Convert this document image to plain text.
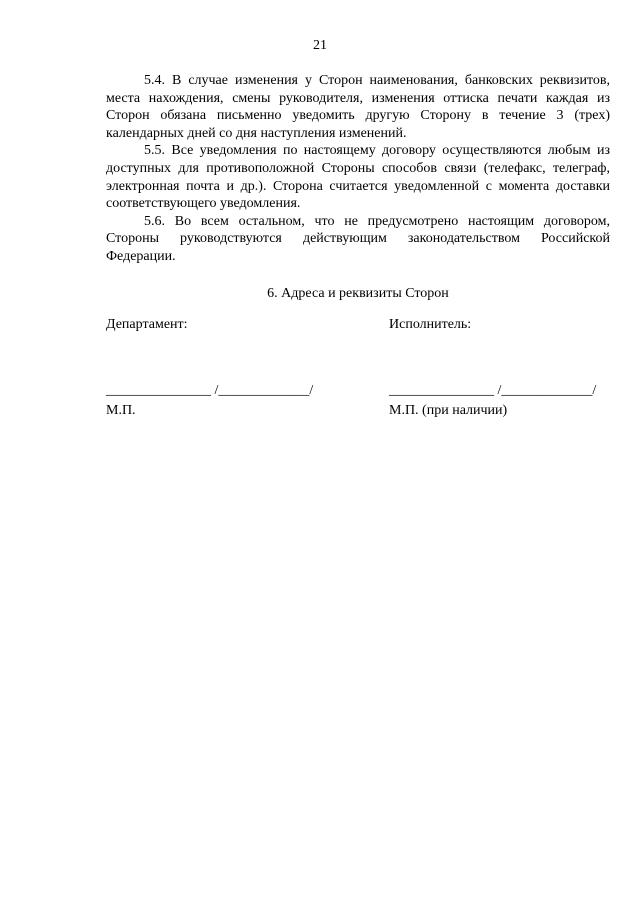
21

5.4. В случае изменения у Сторон наименования, банковских реквизитов, места нахождения, смены руководителя, изменения оттиска печати каждая из Сторон обязана письменно уведомить другую Сторону в течение 3 (трех) календарных дней со дня наступления изменений.

5.5. Все уведомления по настоящему договору осуществляются любым из доступных для противоположной Стороны способов связи (телефакс, телеграф, электронная почта и др.). Сторона считается уведомленной с момента доставки соответствующего уведомления.

5.6. Во всем остальном, что не предусмотрено настоящим договором, Стороны руководствуются действующим законодательством Российской Федерации.

6. Адреса и реквизиты Сторон
Департамент:
_______________ /_____________/
М.П.
Исполнитель:
_______________ /_____________/
М.П. (при наличии)
